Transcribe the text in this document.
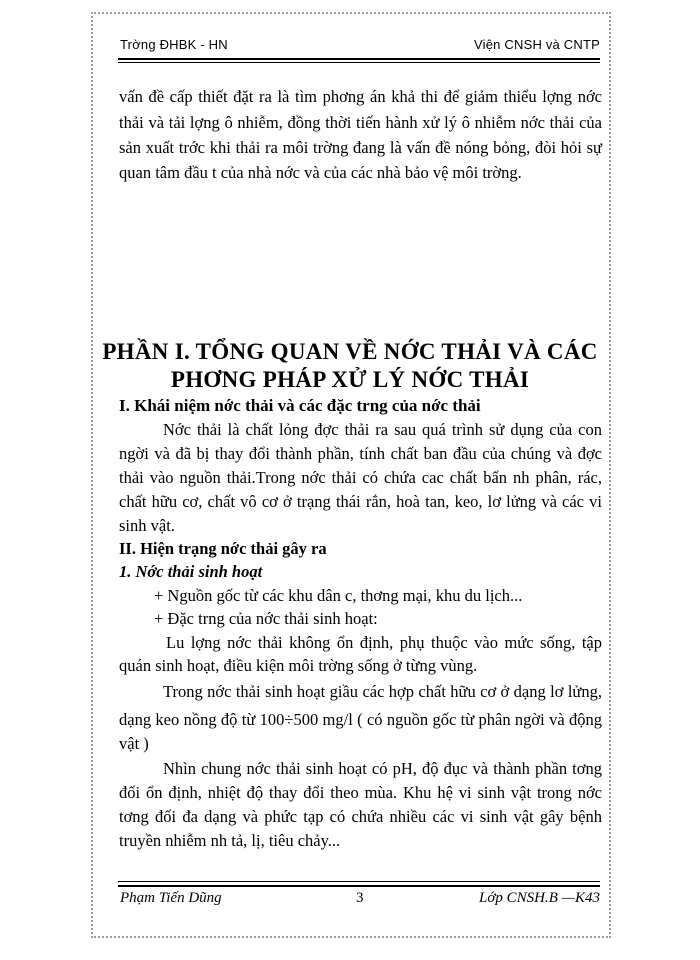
Trờng ĐHBK - HN	Viện CNSH và CNTP
vấn đề cấp thiết đặt ra là tìm phơng án khả thi để giảm thiểu lợng nớc
thải và tải lợng ô nhiễm, đồng thời tiến hành xử lý ô nhiễm nớc thải của
sản xuất trớc khi thải ra môi trờng đang là vấn đề nóng bỏng, đòi hỏi sự
quan tâm đầu t của nhà nớc và của các nhà bảo vệ môi trờng.
PHẦN I. TỔNG QUAN VỀ NỚC THẢI VÀ CÁC
PHƠNG PHÁP XỬ LÝ NỚC THẢI
I. Khái niệm nớc thải và các đặc trng của nớc thải
Nớc thải là chất lỏng đợc thải ra sau quá trình sử dụng của con
ngời và đã bị thay đổi thành phần, tính chất ban đầu của chúng và đợc
thải vào nguồn thải.Trong nớc thải có chứa cac chất bẩn nh phân, rác,
chất hữu cơ, chất vô cơ ở trạng thái rắn, hoà tan, keo, lơ lửng và các vi
sinh vật.
II. Hiện trạng nớc thải gây ra
1. Nớc thải sinh hoạt
+ Nguồn gốc từ các khu dân c, thơng mại, khu du lịch...
+ Đặc trng của nớc thải sinh hoạt:
Lu lợng nớc thải không ổn định, phụ thuộc vào mức sống, tập
quán sinh hoạt, điều kiện môi trờng sống ở từng vùng.
Trong nớc thải sinh hoạt giầu các hợp chất hữu cơ ở dạng lơ lửng,
dạng keo nồng độ từ 100÷500 mg/l ( có nguồn gốc từ phân ngời và động
vật )
Nhìn chung nớc thải sinh hoạt có pH, độ đục và thành phần tơng
đối ổn định, nhiệt độ thay đổi theo mùa. Khu hệ vi sinh vật trong nớc
tơng đối đa dạng và phức tạp có chứa nhiều các vi sinh vật gây bệnh
truyền nhiễm nh tả, lị, tiêu chảy...
Phạm Tiến Dũng	3	Lớp CNSH.B —K43
